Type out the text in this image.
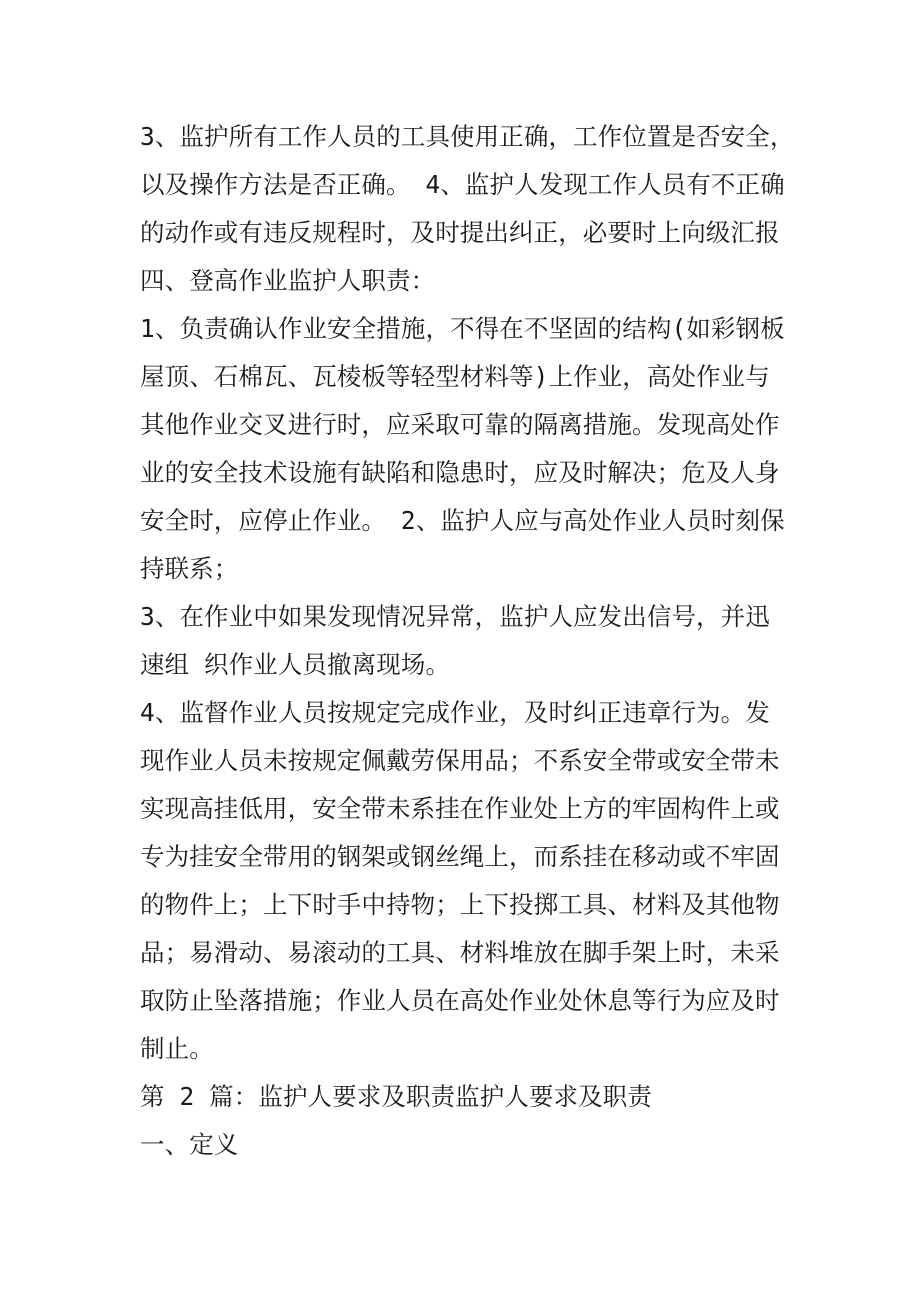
3、监护所有工作人员的工具使用正确，工作位置是否安全，
以及操作方法是否正确。 4、监护人发现工作人员有不正确
的动作或有违反规程时，及时提出纠正，必要时上向级汇报
四、登高作业监护人职责：
1、负责确认作业安全措施，不得在不坚固的结构(如彩钢板
屋顶、石棉瓦、瓦棱板等轻型材料等)上作业，高处作业与
其他作业交叉进行时，应采取可靠的隔离措施。发现高处作
业的安全技术设施有缺陷和隐患时，应及时解决；危及人身
安全时，应停止作业。 2、监护人应与高处作业人员时刻保
持联系；
3、在作业中如果发现情况异常，监护人应发出信号，并迅
速组 织作业人员撤离现场。
4、监督作业人员按规定完成作业，及时纠正违章行为。发
现作业人员未按规定佩戴劳保用品；不系安全带或安全带未
实现高挂低用，安全带未系挂在作业处上方的牢固构件上或
专为挂安全带用的钢架或钢丝绳上，而系挂在移动或不牢固
的物件上；上下时手中持物；上下投掷工具、材料及其他物
品；易滑动、易滚动的工具、材料堆放在脚手架上时，未采
取防止坠落措施；作业人员在高处作业处休息等行为应及时
制止。
第 2 篇：监护人要求及职责监护人要求及职责
一、定义
